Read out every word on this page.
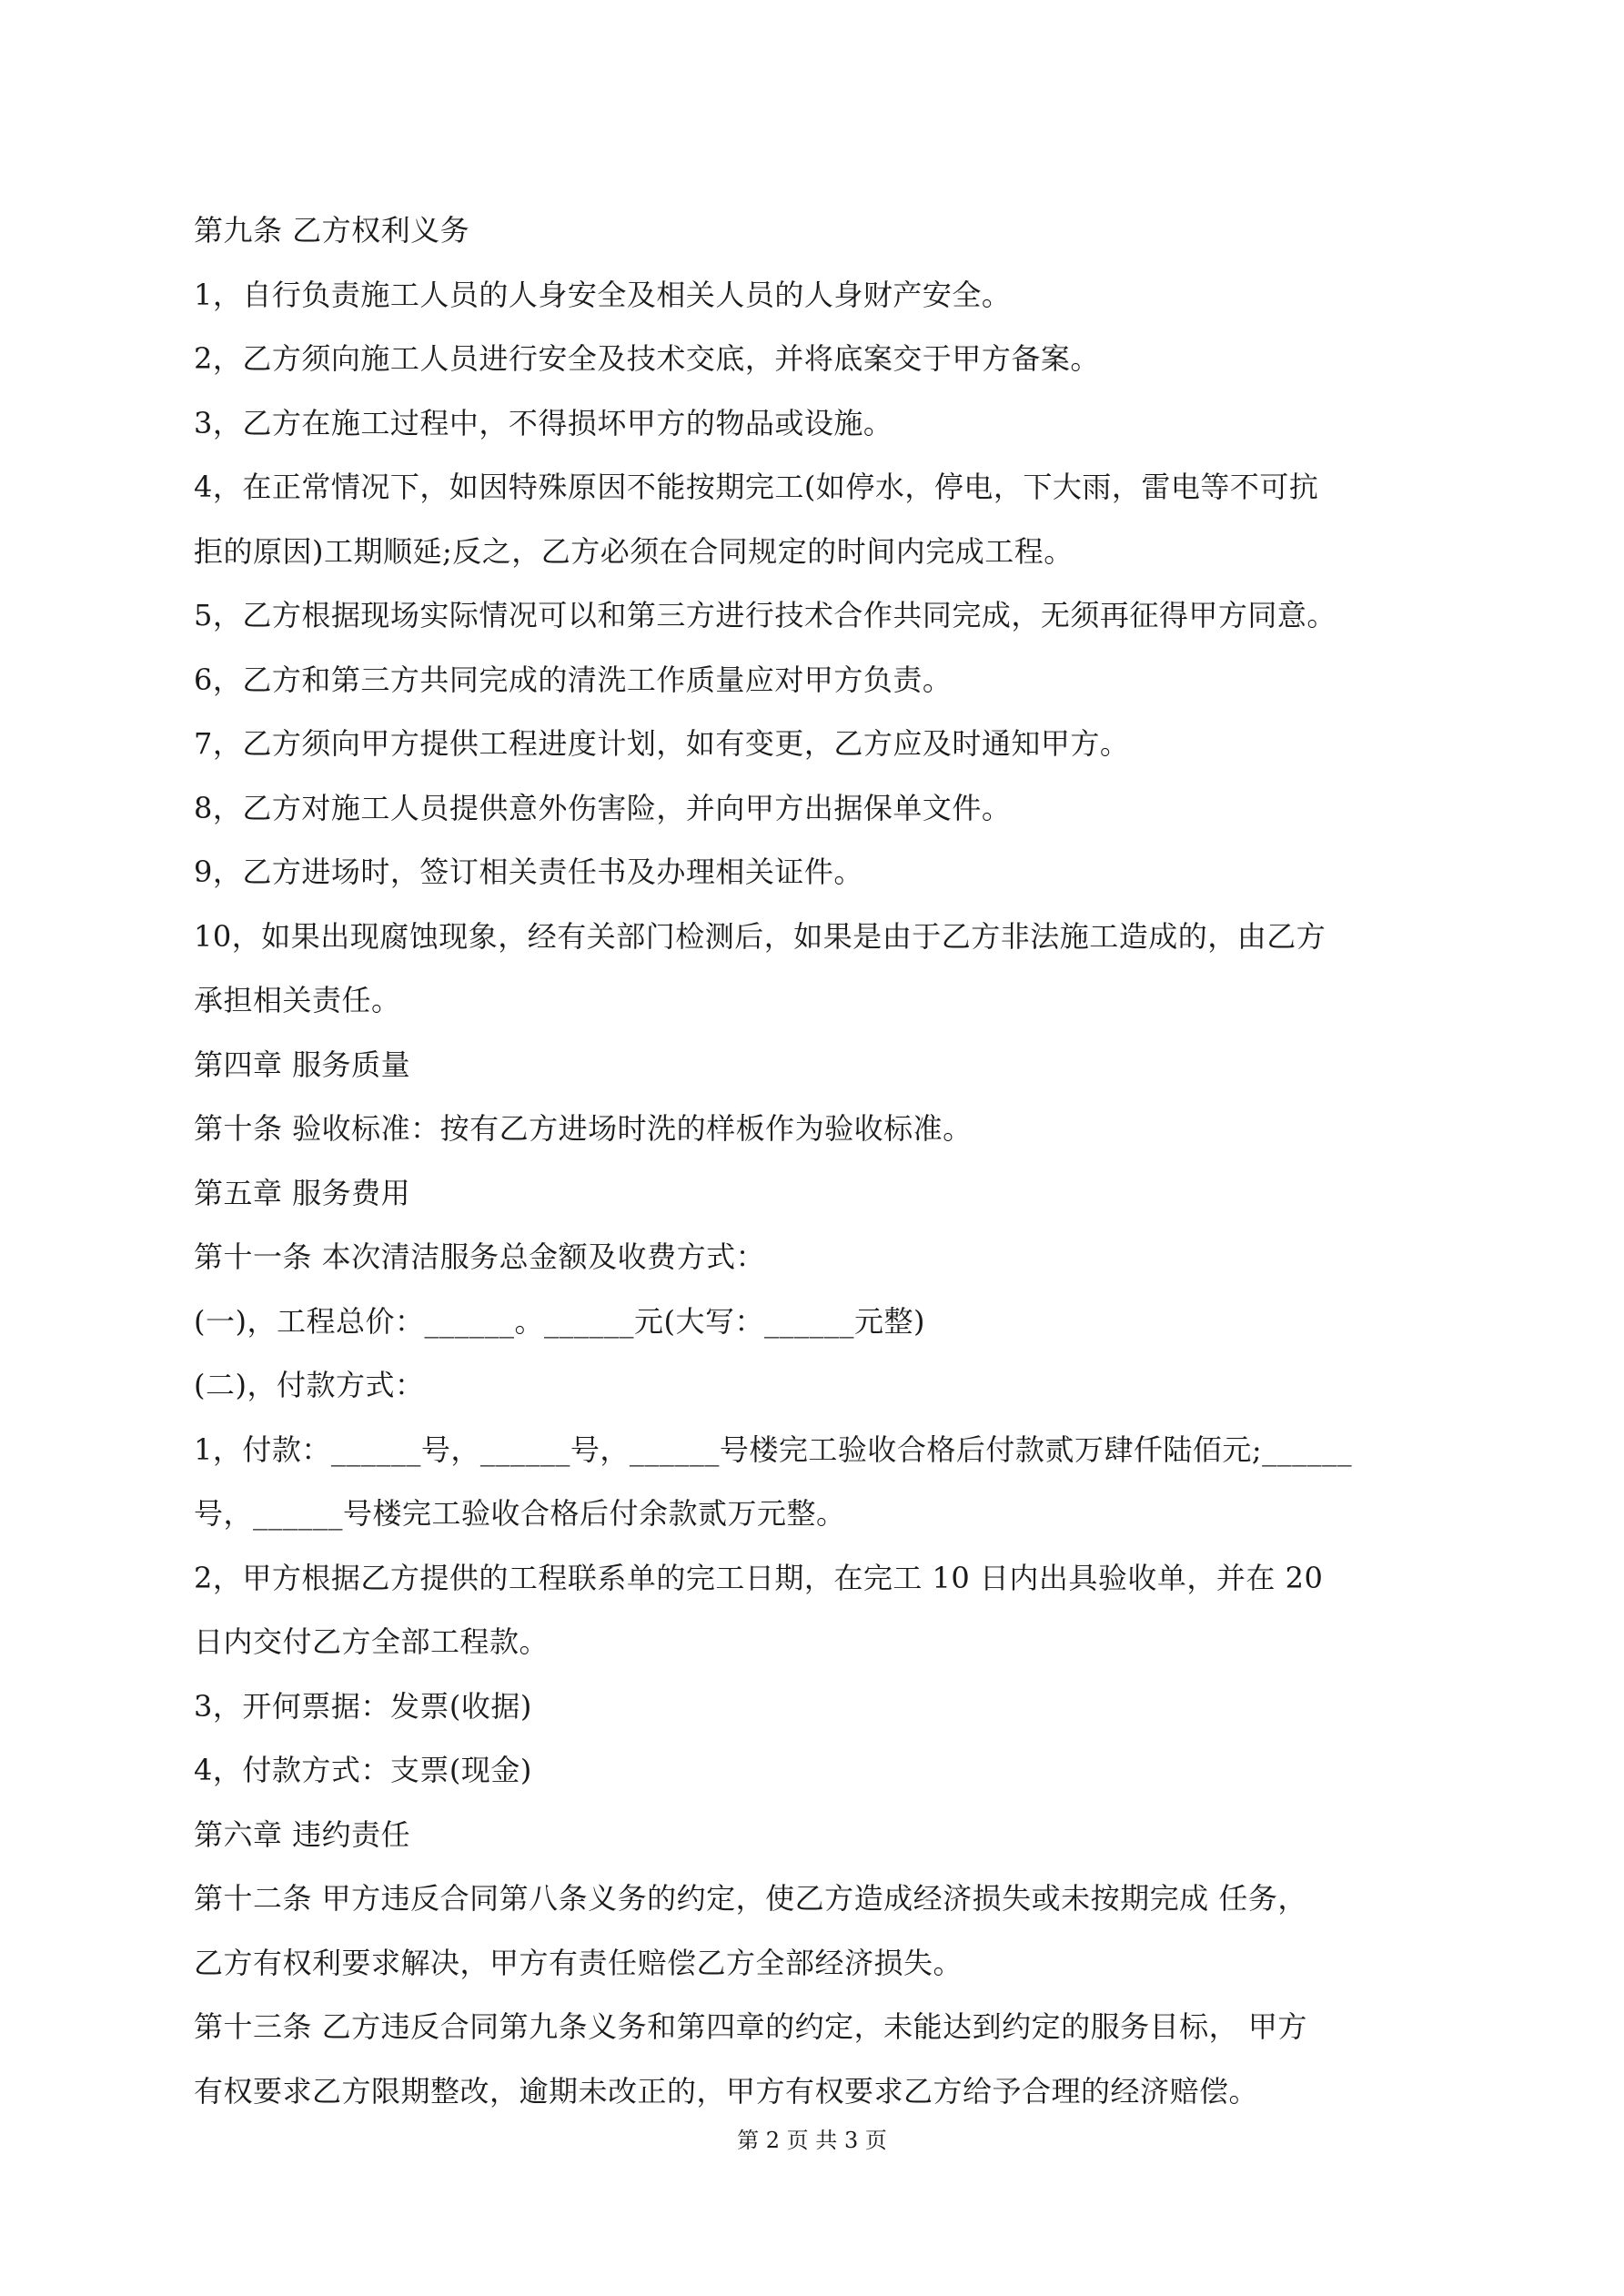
第九条 乙方权利义务
1，自行负责施工人员的人身安全及相关人员的人身财产安全。
2，乙方须向施工人员进行安全及技术交底，并将底案交于甲方备案。
3，乙方在施工过程中，不得损坏甲方的物品或设施。
4，在正常情况下，如因特殊原因不能按期完工(如停水，停电，下大雨，雷电等不可抗
拒的原因)工期顺延;反之，乙方必须在合同规定的时间内完成工程。
5，乙方根据现场实际情况可以和第三方进行技术合作共同完成，无须再征得甲方同意。
6，乙方和第三方共同完成的清洗工作质量应对甲方负责。
7，乙方须向甲方提供工程进度计划，如有变更，乙方应及时通知甲方。
8，乙方对施工人员提供意外伤害险，并向甲方出据保单文件。
9，乙方进场时，签订相关责任书及办理相关证件。
10，如果出现腐蚀现象，经有关部门检测后，如果是由于乙方非法施工造成的，由乙方
承担相关责任。
第四章 服务质量
第十条 验收标准：按有乙方进场时洗的样板作为验收标准。
第五章 服务费用
第十一条 本次清洁服务总金额及收费方式：
(一)，工程总价：______。______元(大写：______元整)
(二)，付款方式：
1，付款：______号，______号，______号楼完工验收合格后付款贰万肆仟陆佰元;______
号，______号楼完工验收合格后付余款贰万元整。
2，甲方根据乙方提供的工程联系单的完工日期，在完工 10 日内出具验收单，并在 20
日内交付乙方全部工程款。
3，开何票据：发票(收据)
4，付款方式：支票(现金)
第六章 违约责任
第十二条 甲方违反合同第八条义务的约定，使乙方造成经济损失或未按期完成 任务，
乙方有权利要求解决，甲方有责任赔偿乙方全部经济损失。
第十三条 乙方违反合同第九条义务和第四章的约定，未能达到约定的服务目标， 甲方
有权要求乙方限期整改，逾期未改正的，甲方有权要求乙方给予合理的经济赔偿。
第 2 页 共 3 页
